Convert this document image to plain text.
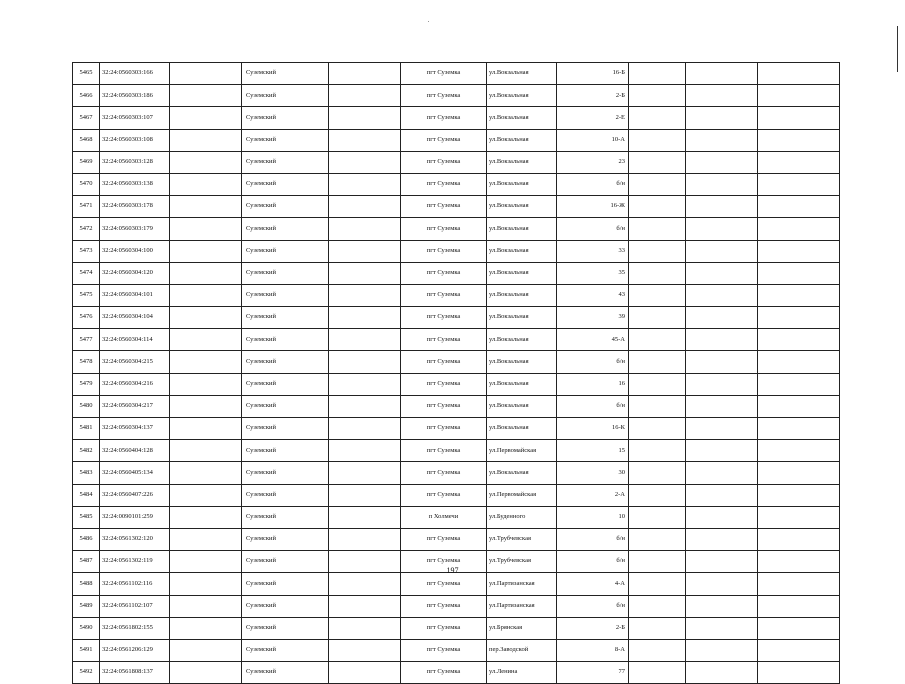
5465	32:24:0560303:166		Суземский		пгт Суземка	ул.Вокзальная	16-Б			
5466	32:24:0560303:186		Суземский		пгт Суземка	ул.Вокзальная	2-Б			
5467	32:24:0560303:107		Суземский		пгт Суземка	ул.Вокзальная	2-Е			
5468	32:24:0560303:108		Суземский		пгт Суземка	ул.Вокзальная	10-А			
5469	32:24:0560303:128		Суземский		пгт Суземка	ул.Вокзальная	23			
5470	32:24:0560303:138		Суземский		пгт Суземка	ул.Вокзальная	б/н			
5471	32:24:0560303:178		Суземский		пгт Суземка	ул.Вокзальная	16-Ж			
5472	32:24:0560303:179		Суземский		пгт Суземка	ул.Вокзальная	б/н			
5473	32:24:0560304:100		Суземский		пгт Суземка	ул.Вокзальная	33			
5474	32:24:0560304:120		Суземский		пгт Суземка	ул.Вокзальная	35			
5475	32:24:0560304:101		Суземский		пгт Суземка	ул.Вокзальная	43			
5476	32:24:0560304:104		Суземский		пгт Суземка	ул.Вокзальная	39			
5477	32:24:0560304:114		Суземский		пгт Суземка	ул.Вокзальная	45-А			
5478	32:24:0560304:215		Суземский		пгт Суземка	ул.Вокзальная	б/н			
5479	32:24:0560304:216		Суземский		пгт Суземка	ул.Вокзальная	16			
5480	32:24:0560304:217		Суземский		пгт Суземка	ул.Вокзальная	б/н			
5481	32:24:0560304:137		Суземский		пгт Суземка	ул.Вокзальная	16-К			
5482	32:24:0560404:128		Суземский		пгт Суземка	ул.Первомайская	15			
5483	32:24:0560405:134		Суземский		пгт Суземка	ул.Вокзальная	30			
5484	32:24:0560407:226		Суземский		пгт Суземка	ул.Первомайская	2-А			
5485	32:24:0090101:259		Суземский		п Холмечи	ул.Буденного	10			
5486	32:24:0561302:120		Суземский		пгт Суземка	ул.Трубчевская	б/н			
5487	32:24:0561302:119		Суземский		пгт Суземка	ул.Трубчевская	б/н			
5488	32:24:0561102:116		Суземский		пгт Суземка	ул.Партизанская	4-А			
5489	32:24:0561102:107		Суземский		пгт Суземка	ул.Партизанская	б/н			
5490	32:24:0561802:155		Суземский		пгт Суземка	ул.Брянская	2-Б			
5491	32:24:0561206:129		Суземский		пгт Суземка	пер.Заводской	8-А			
5492	32:24:0561808:137		Суземский		пгт Суземка	ул.Ленина	77			
197
